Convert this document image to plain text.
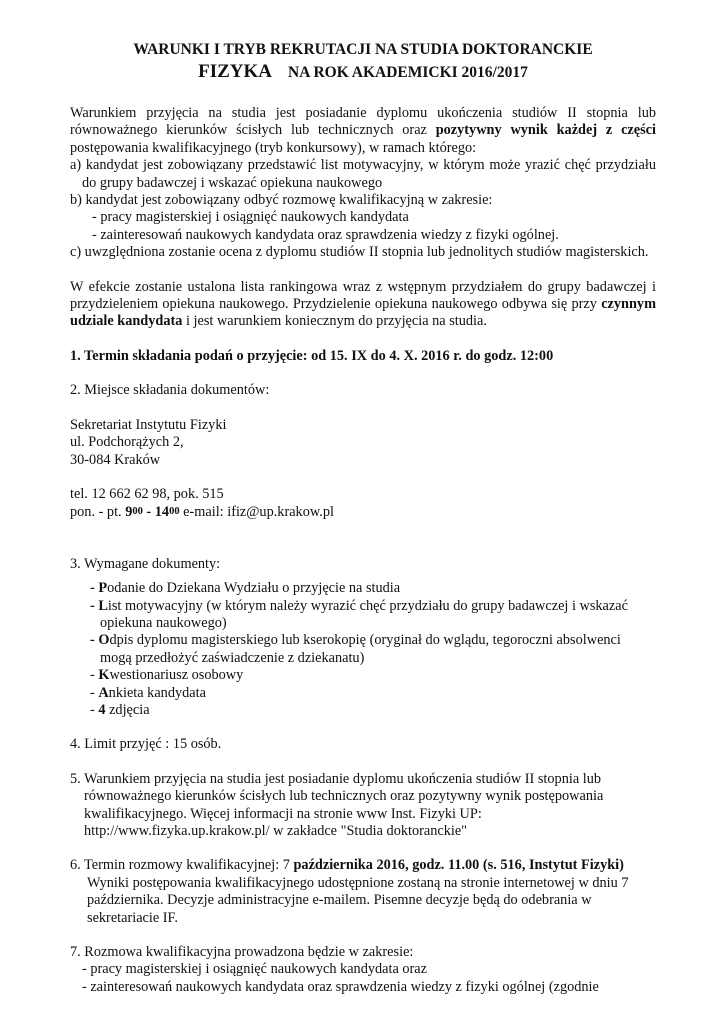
WARUNKI I TRYB REKRUTACJI NA STUDIA DOKTORANCKIE

FIZYKA NA ROK AKADEMICKI 2016/2017

Warunkiem przyjęcia na studia jest posiadanie dyplomu ukończenia studiów II stopnia lub równoważnego kierunków ścisłych lub technicznych oraz pozytywny wynik każdej z części postępowania kwalifikacyjnego (tryb konkursowy), w ramach którego:

a) kandydat jest zobowiązany przedstawić list motywacyjny, w którym może yrazić chęć przydziału do grupy badawczej i wskazać opiekuna naukowego

b) kandydat jest zobowiązany odbyć rozmowę kwalifikacyjną w zakresie:

- pracy magisterskiej i osiągnięć naukowych kandydata

- zainteresowań naukowych kandydata oraz sprawdzenia wiedzy z fizyki ogólnej.

c) uwzględniona zostanie ocena z dyplomu studiów II stopnia lub jednolitych studiów magisterskich.

W efekcie zostanie ustalona lista rankingowa wraz z wstępnym przydziałem do grupy badawczej i przydzieleniem opiekuna naukowego. Przydzielenie opiekuna naukowego odbywa się przy czynnym udziale kandydata i jest warunkiem koniecznym do przyjęcia na studia.

1. Termin składania podań o przyjęcie: od 15. IX do 4. X. 2016 r. do godz. 12:00

2. Miejsce składania dokumentów:

Sekretariat Instytutu Fizyki

ul. Podchorążych 2,

30-084 Kraków

tel. 12 662 62 98, pok. 515

pon. - pt. 900 - 1400 e-mail: ifiz@up.krakow.pl

3. Wymagane dokumenty:

- Podanie do Dziekana Wydziału o przyjęcie na studia

- List motywacyjny (w którym należy wyrazić chęć przydziału do grupy badawczej i wskazać opiekuna naukowego)

- Odpis dyplomu magisterskiego lub kserokopię (oryginał do wglądu, tegoroczni absolwenci mogą przedłożyć zaświadczenie z dziekanatu)

- Kwestionariusz osobowy

- Ankieta kandydata

- 4 zdjęcia

4. Limit przyjęć : 15 osób.

5. Warunkiem przyjęcia na studia jest posiadanie dyplomu ukończenia studiów II stopnia lub równoważnego kierunków ścisłych lub technicznych oraz pozytywny wynik postępowania kwalifikacyjnego. Więcej informacji na stronie www Inst. Fizyki UP: http://www.fizyka.up.krakow.pl/ w zakładce "Studia doktoranckie"

6. Termin rozmowy kwalifikacyjnej: 7 października 2016, godz. 11.00 (s. 516, Instytut Fizyki) Wyniki postępowania kwalifikacyjnego udostępnione zostaną na stronie internetowej w dniu 7 października. Decyzje administracyjne e-mailem. Pisemne decyzje będą do odebrania w sekretariacie IF.

7. Rozmowa kwalifikacyjna prowadzona będzie w zakresie:

- pracy magisterskiej i osiągnięć naukowych kandydata oraz

- zainteresowań naukowych kandydata oraz sprawdzenia wiedzy z fizyki ogólnej (zgodnie
